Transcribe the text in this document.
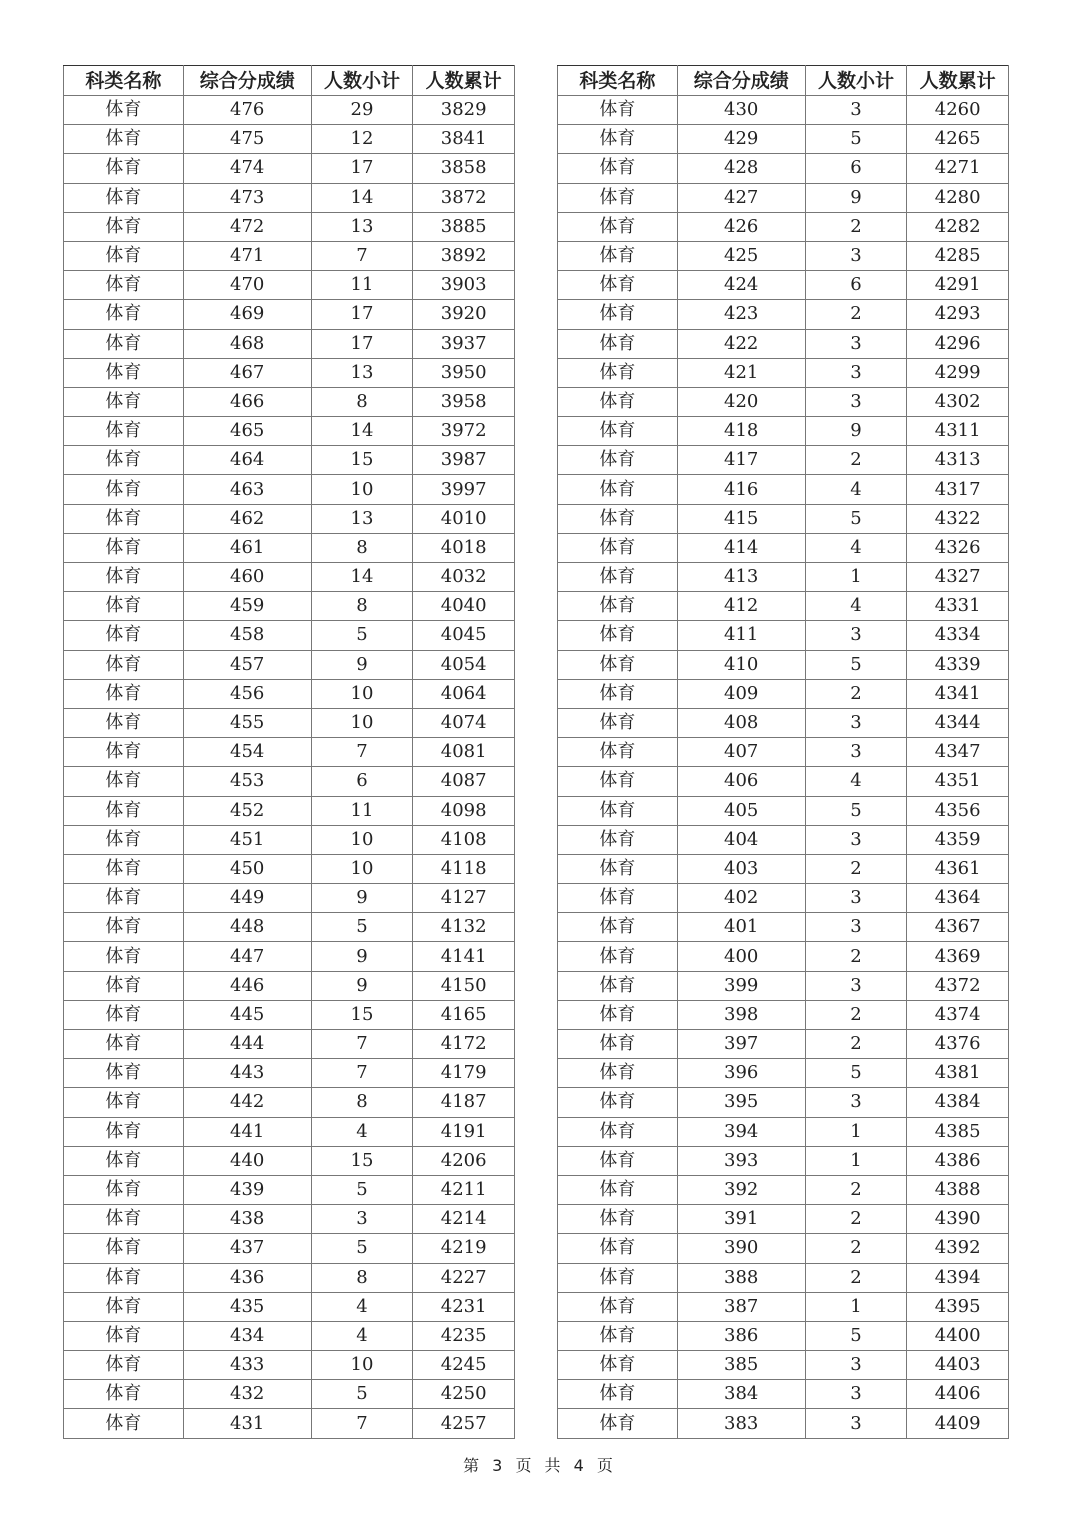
科类名称	综合分成绩	人数小计	人数累计
体育	476	29	3829
体育	475	12	3841
体育	474	17	3858
体育	473	14	3872
体育	472	13	3885
体育	471	7	3892
体育	470	11	3903
体育	469	17	3920
体育	468	17	3937
体育	467	13	3950
体育	466	8	3958
体育	465	14	3972
体育	464	15	3987
体育	463	10	3997
体育	462	13	4010
体育	461	8	4018
体育	460	14	4032
体育	459	8	4040
体育	458	5	4045
体育	457	9	4054
体育	456	10	4064
体育	455	10	4074
体育	454	7	4081
体育	453	6	4087
体育	452	11	4098
体育	451	10	4108
体育	450	10	4118
体育	449	9	4127
体育	448	5	4132
体育	447	9	4141
体育	446	9	4150
体育	445	15	4165
体育	444	7	4172
体育	443	7	4179
体育	442	8	4187
体育	441	4	4191
体育	440	15	4206
体育	439	5	4211
体育	438	3	4214
体育	437	5	4219
体育	436	8	4227
体育	435	4	4231
体育	434	4	4235
体育	433	10	4245
体育	432	5	4250
体育	431	7	4257
科类名称	综合分成绩	人数小计	人数累计
体育	430	3	4260
体育	429	5	4265
体育	428	6	4271
体育	427	9	4280
体育	426	2	4282
体育	425	3	4285
体育	424	6	4291
体育	423	2	4293
体育	422	3	4296
体育	421	3	4299
体育	420	3	4302
体育	418	9	4311
体育	417	2	4313
体育	416	4	4317
体育	415	5	4322
体育	414	4	4326
体育	413	1	4327
体育	412	4	4331
体育	411	3	4334
体育	410	5	4339
体育	409	2	4341
体育	408	3	4344
体育	407	3	4347
体育	406	4	4351
体育	405	5	4356
体育	404	3	4359
体育	403	2	4361
体育	402	3	4364
体育	401	3	4367
体育	400	2	4369
体育	399	3	4372
体育	398	2	4374
体育	397	2	4376
体育	396	5	4381
体育	395	3	4384
体育	394	1	4385
体育	393	1	4386
体育	392	2	4388
体育	391	2	4390
体育	390	2	4392
体育	388	2	4394
体育	387	1	4395
体育	386	5	4400
体育	385	3	4403
体育	384	3	4406
体育	383	3	4409
第 3 页 共 4 页
